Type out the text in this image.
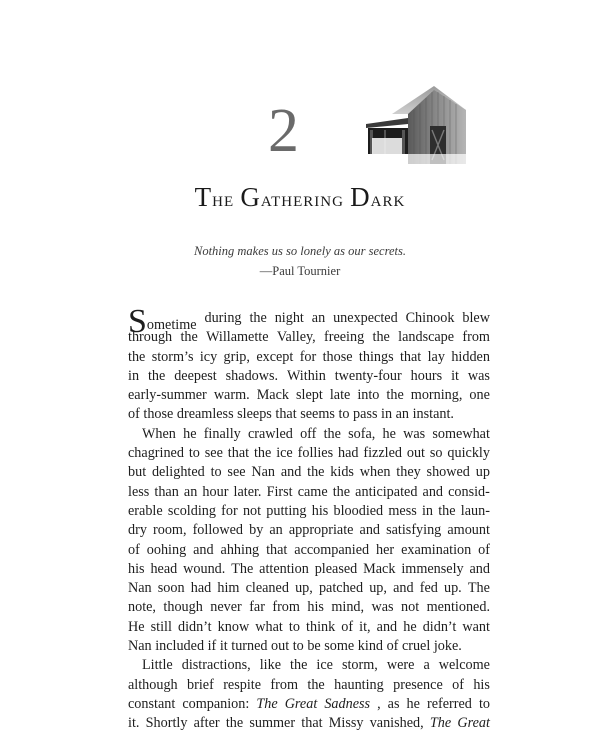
2
The Gathering Dark
Nothing makes us so lonely as our secrets.
—Paul Tournier
Sometime during the night an unexpected Chinook blew
through the Willamette Valley, freeing the landscape from
the storm’s icy grip, except for those things that lay hidden
in the deepest shadows. Within twenty-four hours it was
early-summer warm. Mack slept late into the morning, one
of
those
dreamless
sleeps
that
seems
to
pass
in
an
instant.
When he finally crawled off the sofa, he was somewhat
chagrined to see that the ice follies had fizzled out so quickly
but delighted to see Nan and the kids when they showed up
less than an hour later. First came the anticipated and consid-
erable scolding for not putting his bloodied mess in the laun-
dry room, followed by an appropriate and satisfying amount
of oohing and ahhing that accompanied her examination of
his head wound. The attention pleased Mack immensely and
Nan soon had him cleaned up, patched up, and fed up. The
note, though never far from his mind, was not mentioned.
He still didn’t know what to think of it, and he didn’t want
Nan
included
if
it
turned
out
to
be
some
kind
of
cruel
joke.
Little distractions, like the ice storm, were a welcome
although brief respite from the haunting presence of his
constant companion: The Great Sadness , as he referred to
it. Shortly after the summer that Missy vanished, The Great
